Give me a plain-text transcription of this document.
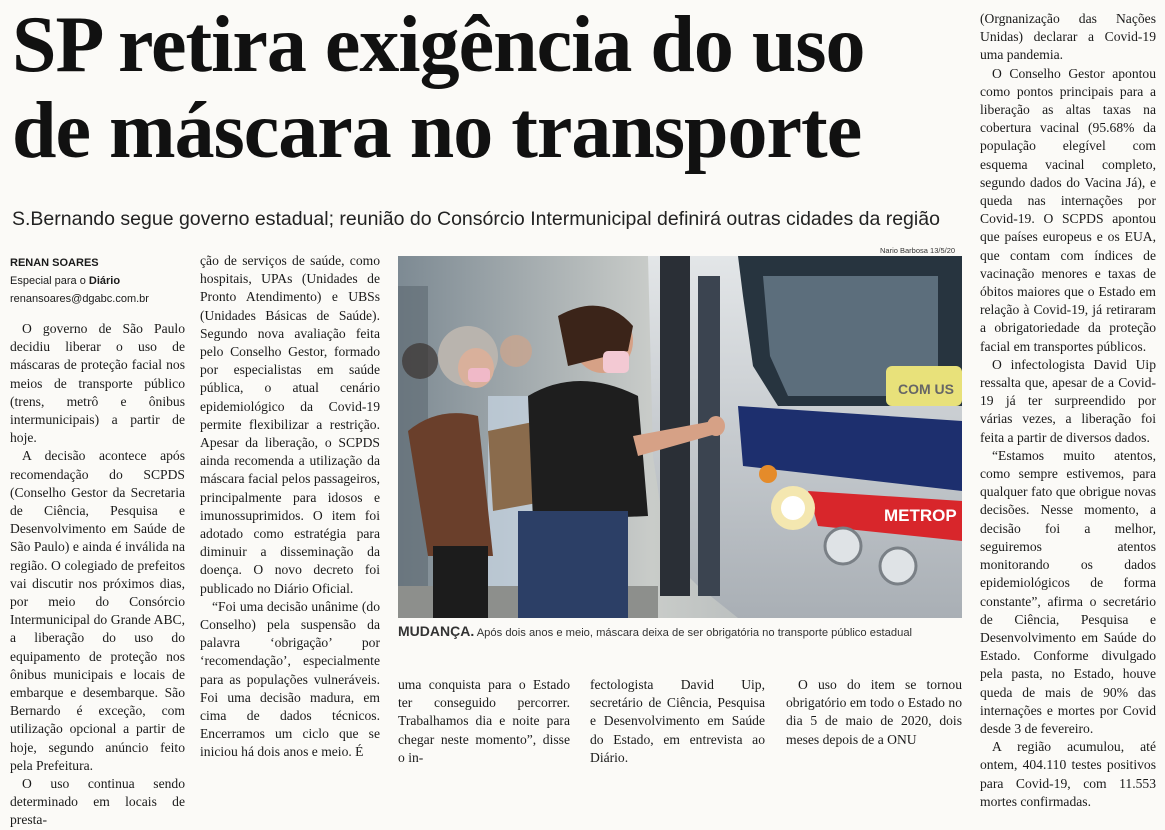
SP retira exigência do uso
de máscara no transporte
S.Bernando segue governo estadual; reunião do Consórcio Intermunicipal definirá outras cidades da região
RENAN SOARES
Especial para o Diário
renansoares@dgabc.com.br

O governo de São Paulo decidiu liberar o uso de máscaras de proteção facial nos meios de transporte público (trens, metrô e ônibus intermunicipais) a partir de hoje.

A decisão acontece após recomendação do SCPDS (Conselho Gestor da Secretaria de Ciência, Pesquisa e Desenvolvimento em Saúde de São Paulo) e ainda é inválida na região. O colegiado de prefeitos vai discutir nos próximos dias, por meio do Consórcio Intermunicipal do Grande ABC, a liberação do uso do equipamento de proteção nos ônibus municipais e locais de embarque e desembarque. São Bernardo é exceção, com utilização opcional a partir de hoje, segundo anúncio feito pela Prefeitura.

O uso continua sendo determinado em locais de presta-

ção de serviços de saúde, como hospitais, UPAs (Unidades de Pronto Atendimento) e UBSs (Unidades Básicas de Saúde). Segundo nova avaliação feita pelo Conselho Gestor, formado por especialistas em saúde pública, o atual cenário epidemiológico da Covid-19 permite flexibilizar a restrição. Apesar da liberação, o SCPDS ainda recomenda a utilização da máscara facial pelos passageiros, principalmente para idosos e imunossuprimidos. O item foi adotado como estratégia para diminuir a disseminação da doença. O novo decreto foi publicado no Diário Oficial.

“Foi uma decisão unânime (do Conselho) pela suspensão da palavra ‘obrigação’ por ‘recomendação’, especialmente para as populações vulneráveis. Foi uma decisão madura, em cima de dados técnicos. Encerramos um ciclo que se iniciou há dois anos e meio. É

Nario Barbosa 13/5/20
COM US
METROP
MUDANÇA. Após dois anos e meio, máscara deixa de ser obrigatória no transporte público estadual
uma conquista para o Estado ter conseguido percorrer. Trabalhamos dia e noite para chegar neste momento”, disse o in-
fectologista David Uip, secretário de Ciência, Pesquisa e Desenvolvimento em Saúde do Estado, em entrevista ao Diário.
O uso do item se tornou obrigatório em todo o Estado no dia 5 de maio de 2020, dois meses depois de a ONU

(Orgnanização das Nações Unidas) declarar a Covid-19 uma pandemia.

O Conselho Gestor apontou como pontos principais para a liberação as altas taxas na cobertura vacinal (95.68% da população elegível com esquema vacinal completo, segundo dados do Vacina Já), e queda nas internações por Covid-19. O SCPDS apontou que países europeus e os EUA, que contam com índices de vacinação menores e taxas de óbitos maiores que o Estado em relação à Covid-19, já retiraram a obrigatoriedade da proteção facial em transportes públicos.

O infectologista David Uip ressalta que, apesar de a Covid-19 já ter surpreendido por várias vezes, a liberação foi feita a partir de diversos dados.

“Estamos muito atentos, como sempre estivemos, para qualquer fato que obrigue novas decisões. Nesse momento, a decisão foi a melhor, seguiremos atentos monitorando os dados epidemiológicos de forma constante”, afirma o secretário de Ciência, Pesquisa e Desenvolvimento em Saúde do Estado. Conforme divulgado pela pasta, no Estado, houve queda de mais de 90% das internações e mortes por Covid desde 3 de fevereiro.

A região acumulou, até ontem, 404.110 testes positivos para Covid-19, com 11.553 mortes confirmadas.
